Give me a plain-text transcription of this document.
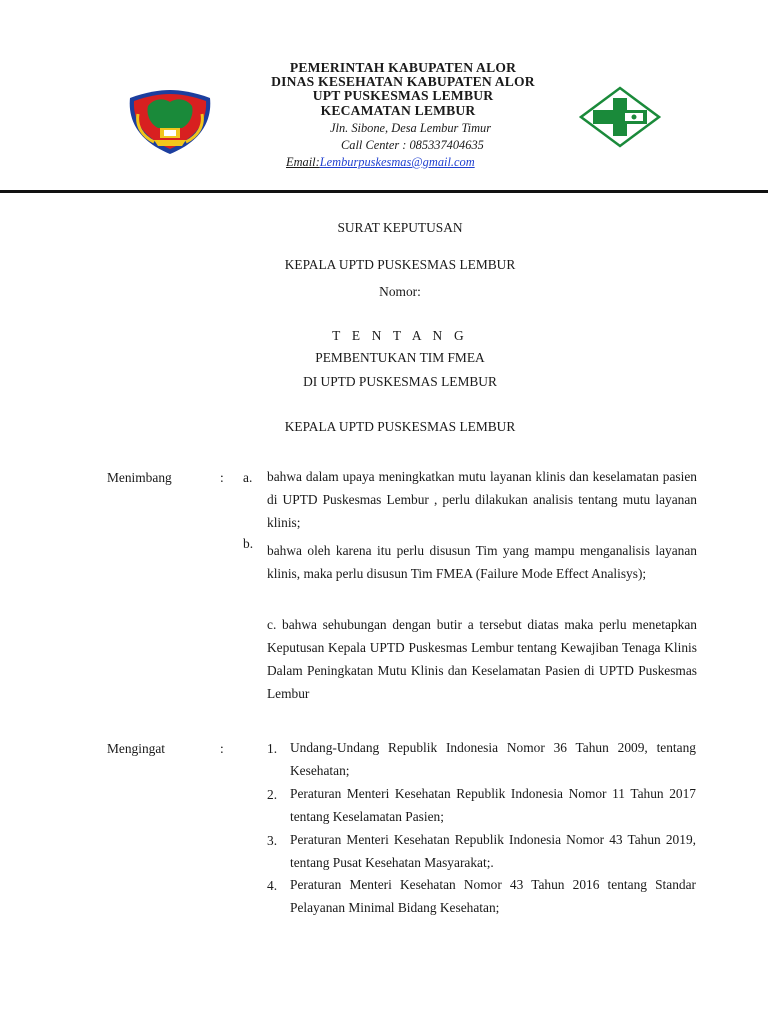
PEMERINTAH KABUPATEN ALOR
DINAS KESEHATAN KABUPATEN ALOR
UPT PUSKESMAS LEMBUR
KECAMATAN LEMBUR
Jln. Sibone, Desa Lembur Timur
Call Center : 085337404635
Email:Lemburpuskesmas@gmail.com
SURAT KEPUTUSAN
KEPALA UPTD PUSKESMAS LEMBUR
Nomor:
T E N T A N G
PEMBENTUKAN TIM FMEA
DI UPTD PUSKESMAS LEMBUR
KEPALA UPTD PUSKESMAS LEMBUR
Menimbang	: a. bahwa dalam upaya meningkatkan mutu layanan klinis dan keselamatan pasien di UPTD Puskesmas Lembur , perlu dilakukan analisis tentang mutu layanan klinis;
b. bahwa oleh karena itu perlu disusun Tim yang mampu menganalisis layanan klinis, maka perlu disusun Tim FMEA (Failure Mode Effect Analisys);
c. bahwa sehubungan dengan butir a tersebut diatas maka perlu menetapkan Keputusan Kepala UPTD Puskesmas Lembur tentang Kewajiban Tenaga Klinis Dalam Peningkatan Mutu Klinis dan Keselamatan Pasien di UPTD Puskesmas Lembur
Mengingat	:	1. Undang-Undang Republik Indonesia Nomor 36 Tahun 2009, tentang Kesehatan;
2. Peraturan Menteri Kesehatan Republik Indonesia Nomor 11 Tahun 2017 tentang Keselamatan Pasien;
3. Peraturan Menteri Kesehatan Republik Indonesia Nomor 43 Tahun 2019, tentang Pusat Kesehatan Masyarakat;.
4. Peraturan Menteri Kesehatan Nomor 43 Tahun 2016 tentang Standar Pelayanan Minimal Bidang Kesehatan;
